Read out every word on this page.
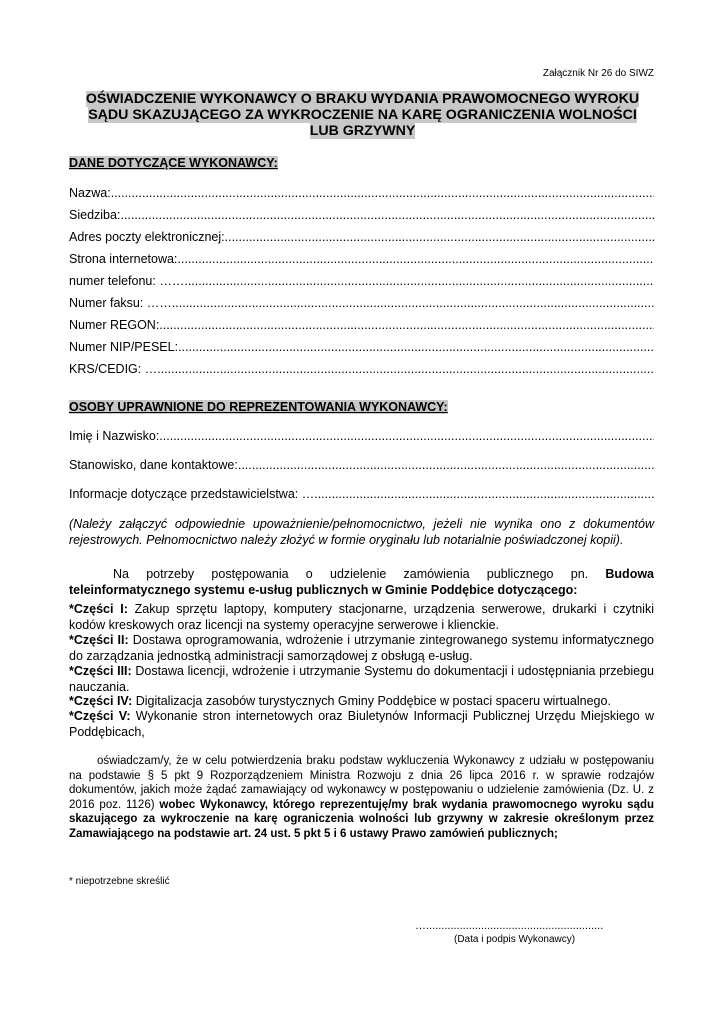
Załącznik Nr 26 do SIWZ
OŚWIADCZENIE WYKONAWCY O BRAKU WYDANIA PRAWOMOCNEGO WYROKU
SĄDU SKAZUJĄCEGO ZA WYKROCZENIE NA KARĘ OGRANICZENIA WOLNOŚCI
LUB GRZYWNY
DANE DOTYCZĄCE WYKONAWCY:
Nazwa:
.....
Siedziba:
.....
Adres poczty elektronicznej:
.....
Strona internetowa:
.....
numer telefonu: ……
.....
Numer faksu: ……
.....
Numer REGON:
.....
Numer NIP/PESEL:
.....
KRS/CEDIG: …
.....
OSOBY UPRAWNIONE DO REPREZENTOWANIA WYKONAWCY:
Imię i Nazwisko:
.....
Stanowisko, dane kontaktowe:
.....
Informacje dotyczące przedstawicielstwa: …
.....
(Należy załączyć odpowiednie upoważnienie/pełnomocnictwo, jeżeli nie wynika ono z dokumentów rejestrowych. Pełnomocnictwo należy złożyć w formie oryginału lub notarialnie poświadczonej kopii).
Na potrzeby postępowania o udzielenie zamówienia publicznego pn. Budowa teleinformatycznego systemu e-usług publicznych w Gminie Poddębice dotyczącego:
*Części I: Zakup sprzętu laptopy, komputery stacjonarne, urządzenia serwerowe, drukarki i czytniki kodów kreskowych oraz licencji na systemy operacyjne serwerowe i klienckie.
*Części II: Dostawa oprogramowania, wdrożenie i utrzymanie zintegrowanego systemu informatycznego do zarządzania jednostką administracji samorządowej z obsługą e-usług.
*Części III: Dostawa licencji, wdrożenie i utrzymanie Systemu do dokumentacji i udostępniania przebiegu nauczania.
*Części IV: Digitalizacja zasobów turystycznych Gminy Poddębice w postaci spaceru wirtualnego.
*Części V: Wykonanie stron internetowych oraz Biuletynów Informacji Publicznej Urzędu Miejskiego w Poddębicach,
oświadczam/y, że w celu potwierdzenia braku podstaw wykluczenia Wykonawcy z udziału w postępowaniu na podstawie § 5 pkt 9 Rozporządzeniem Ministra Rozwoju z dnia 26 lipca 2016 r. w sprawie rodzajów dokumentów, jakich może żądać zamawiający od wykonawcy w postępowaniu o udzielenie zamówienia (Dz. U. z 2016 poz. 1126) wobec Wykonawcy, którego reprezentuję/my brak wydania prawomocnego wyroku sądu skazującego za wykroczenie na karę ograniczenia wolności lub grzywny w zakresie określonym przez Zamawiającego na podstawie art. 24 ust. 5 pkt 5 i 6 ustawy Prawo zamówień publicznych;
* niepotrzebne skreślić
…..........................................................
(Data i podpis Wykonawcy)
